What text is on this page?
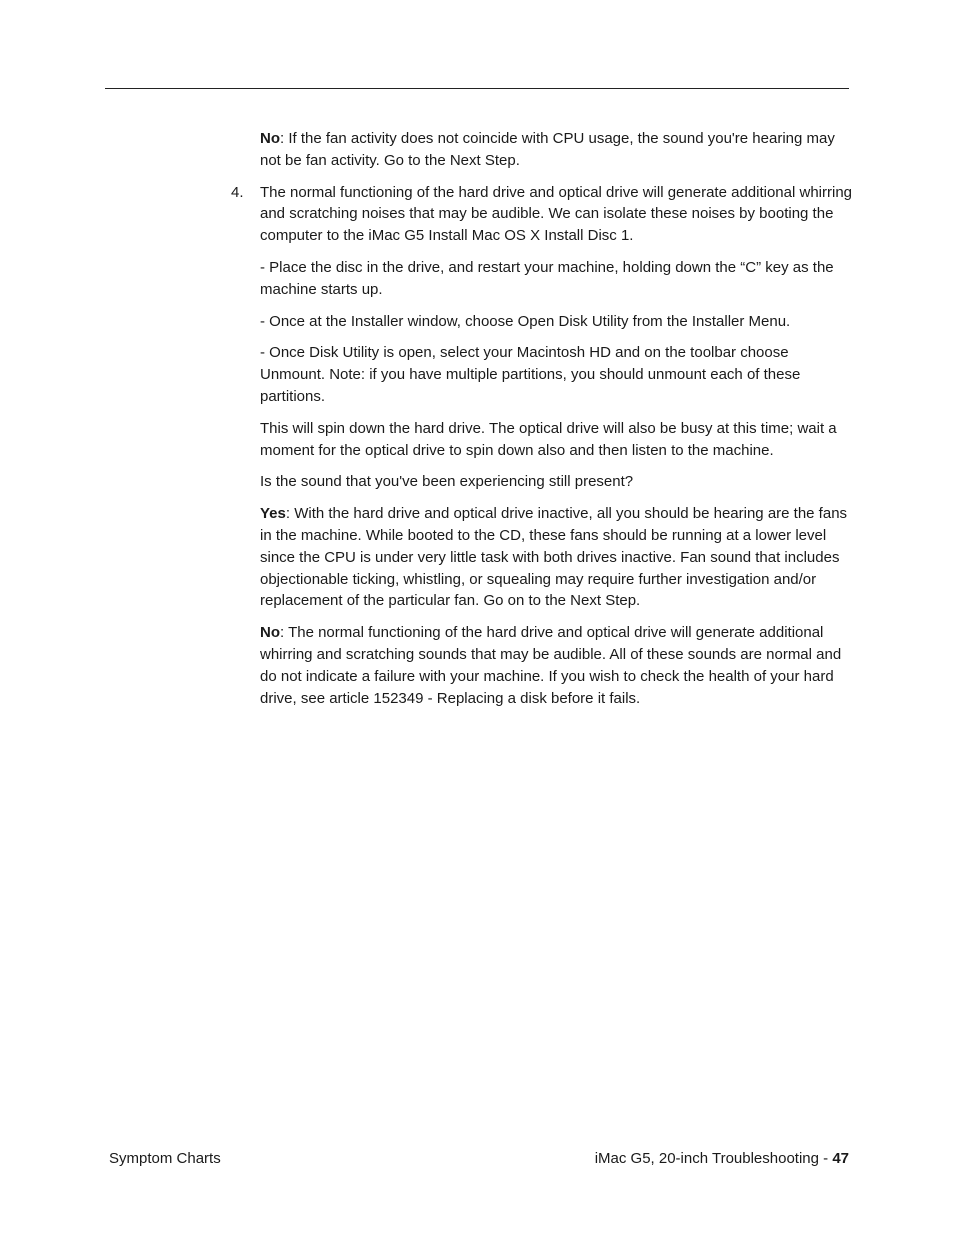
No: If the fan activity does not coincide with CPU usage, the sound you're hearing may not be fan activity. Go to the Next Step.

4. The normal functioning of the hard drive and optical drive will generate additional whirring and scratching noises that may be audible. We can isolate these noises by booting the computer to the iMac G5 Install Mac OS X Install Disc 1.

- Place the disc in the drive, and restart your machine, holding down the “C” key as the machine starts up.

- Once at the Installer window, choose Open Disk Utility from the Installer Menu.

- Once Disk Utility is open, select your Macintosh HD and on the toolbar choose Unmount. Note: if you have multiple partitions, you should unmount each of these partitions.

This will spin down the hard drive. The optical drive will also be busy at this time; wait a moment for the optical drive to spin down also and then listen to the machine.

Is the sound that you've been experiencing still present?

Yes: With the hard drive and optical drive inactive, all you should be hearing are the fans in the machine. While booted to the CD, these fans should be running at a lower level since the CPU is under very little task with both drives inactive. Fan sound that includes objectionable ticking, whistling, or squealing may require further investigation and/or replacement of the particular fan. Go on to the Next Step.

No: The normal functioning of the hard drive and optical drive will generate additional whirring and scratching sounds that may be audible. All of these sounds are normal and do not indicate a failure with your machine. If you wish to check the health of your hard drive, see article 152349 - Replacing a disk before it fails.

Symptom Charts	iMac G5, 20-inch Troubleshooting - 47
